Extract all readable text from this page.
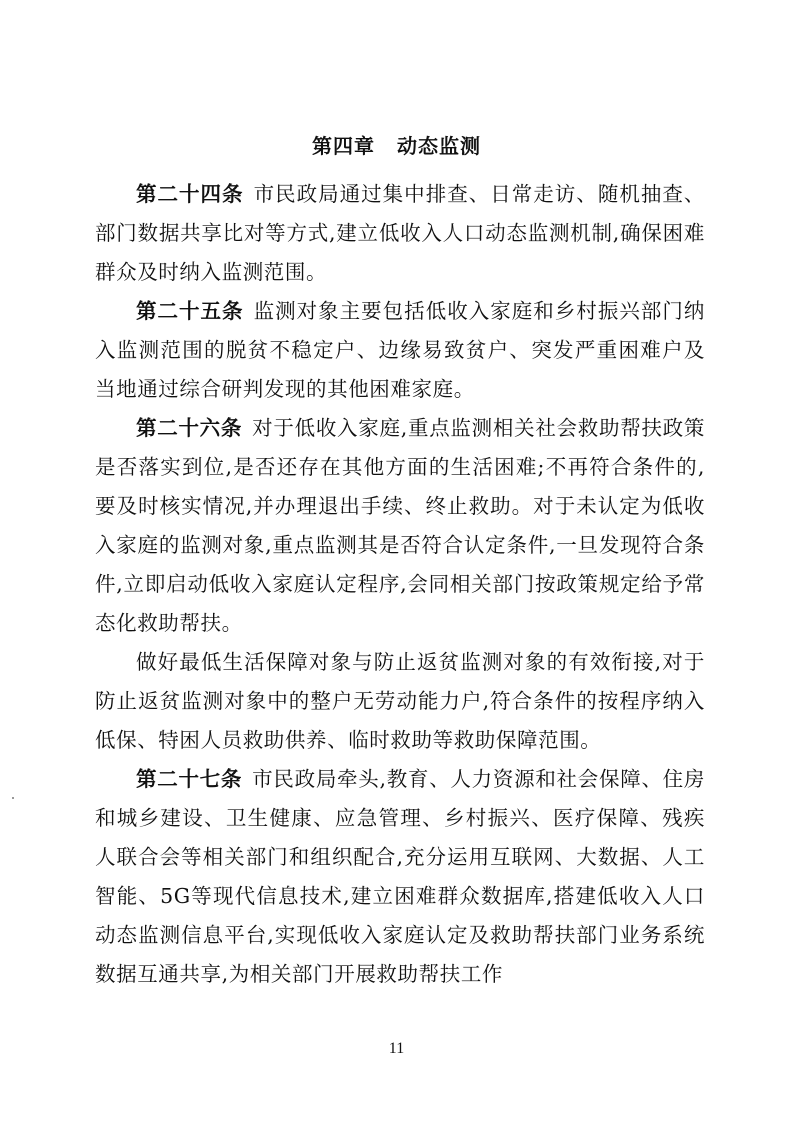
第四章 动态监测

第二十四条 市民政局通过集中排查、日常走访、随机抽查、部门数据共享比对等方式,建立低收入人口动态监测机制,确保困难群众及时纳入监测范围。

第二十五条 监测对象主要包括低收入家庭和乡村振兴部门纳入监测范围的脱贫不稳定户、边缘易致贫户、突发严重困难户及当地通过综合研判发现的其他困难家庭。

第二十六条 对于低收入家庭,重点监测相关社会救助帮扶政策是否落实到位,是否还存在其他方面的生活困难;不再符合条件的,要及时核实情况,并办理退出手续、终止救助。对于未认定为低收入家庭的监测对象,重点监测其是否符合认定条件,一旦发现符合条件,立即启动低收入家庭认定程序,会同相关部门按政策规定给予常态化救助帮扶。

做好最低生活保障对象与防止返贫监测对象的有效衔接,对于防止返贫监测对象中的整户无劳动能力户,符合条件的按程序纳入低保、特困人员救助供养、临时救助等救助保障范围。

第二十七条 市民政局牵头,教育、人力资源和社会保障、住房和城乡建设、卫生健康、应急管理、乡村振兴、医疗保障、残疾人联合会等相关部门和组织配合,充分运用互联网、大数据、人工智能、5G等现代信息技术,建立困难群众数据库,搭建低收入人口动态监测信息平台,实现低收入家庭认定及救助帮扶部门业务系统数据互通共享,为相关部门开展救助帮扶工作

11
